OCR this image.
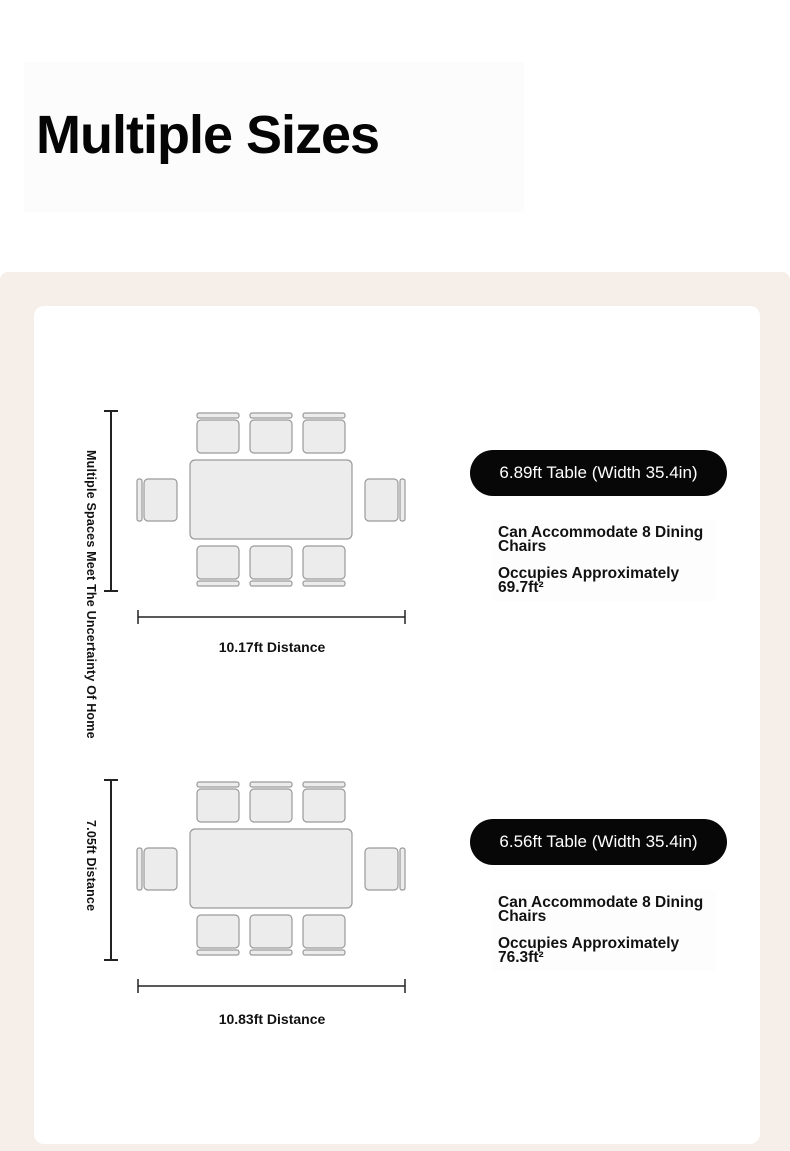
Multiple Sizes
Multiple Spaces Meet The Uncertainty Of Home	10.17ft Distance
6.89ft Table (Width 35.4in)

Can Accommodate 8 Dining Chairs

Occupies Approximately 69.7ft²

7.05ft Distance
10.83ft Distance
6.56ft Table (Width 35.4in)

Can Accommodate 8 Dining Chairs

Occupies Approximately 76.3ft²
